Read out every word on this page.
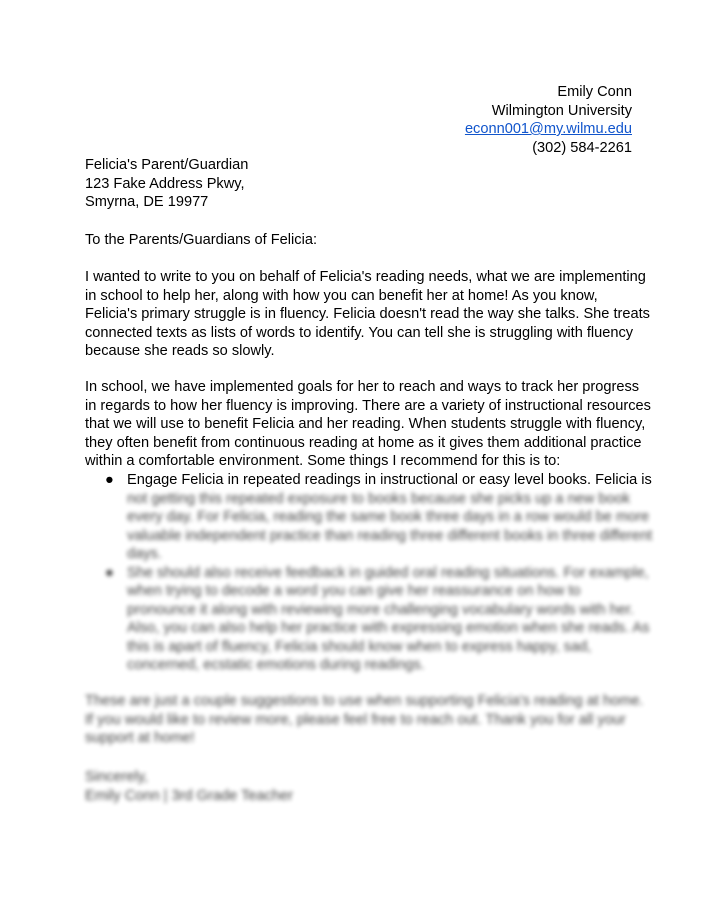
Emily Conn
Wilmington University
econn001@my.wilmu.edu
(302) 584-2261
Felicia's Parent/Guardian
123 Fake Address Pkwy,
Smyrna, DE 19977
To the Parents/Guardians of Felicia:
I wanted to write to you on behalf of Felicia's reading needs, what we are implementing
in school to help her, along with how you can benefit her at home! As you know,
Felicia's primary struggle is in fluency. Felicia doesn't read the way she talks. She treats
connected texts as lists of words to identify. You can tell she is struggling with fluency
because she reads so slowly.
In school, we have implemented goals for her to reach and ways to track her progress
in regards to how her fluency is improving. There are a variety of instructional resources
that we will use to benefit Felicia and her reading. When students struggle with fluency,
they often benefit from continuous reading at home as it gives them additional practice
within a comfortable environment. Some things I recommend for this is to:
● Engage Felicia in repeated readings in instructional or easy level books. Felicia is
not getting this repeated exposure to books because she picks up a new book
every day. For Felicia, reading the same book three days in a row would be more
valuable independent practice than reading three different books in three different
days.
● She should also receive feedback in guided oral reading situations. For example,
when trying to decode a word you can give her reassurance on how to
pronounce it along with reviewing more challenging vocabulary words with her.
Also, you can also help her practice with expressing emotion when she reads. As
this is apart of fluency, Felicia should know when to express happy, sad,
concerned, ecstatic emotions during readings.
These are just a couple suggestions to use when supporting Felicia's reading at home.
If you would like to review more, please feel free to reach out. Thank you for all your
support at home!
Sincerely,
Emily Conn | 3rd Grade Teacher
